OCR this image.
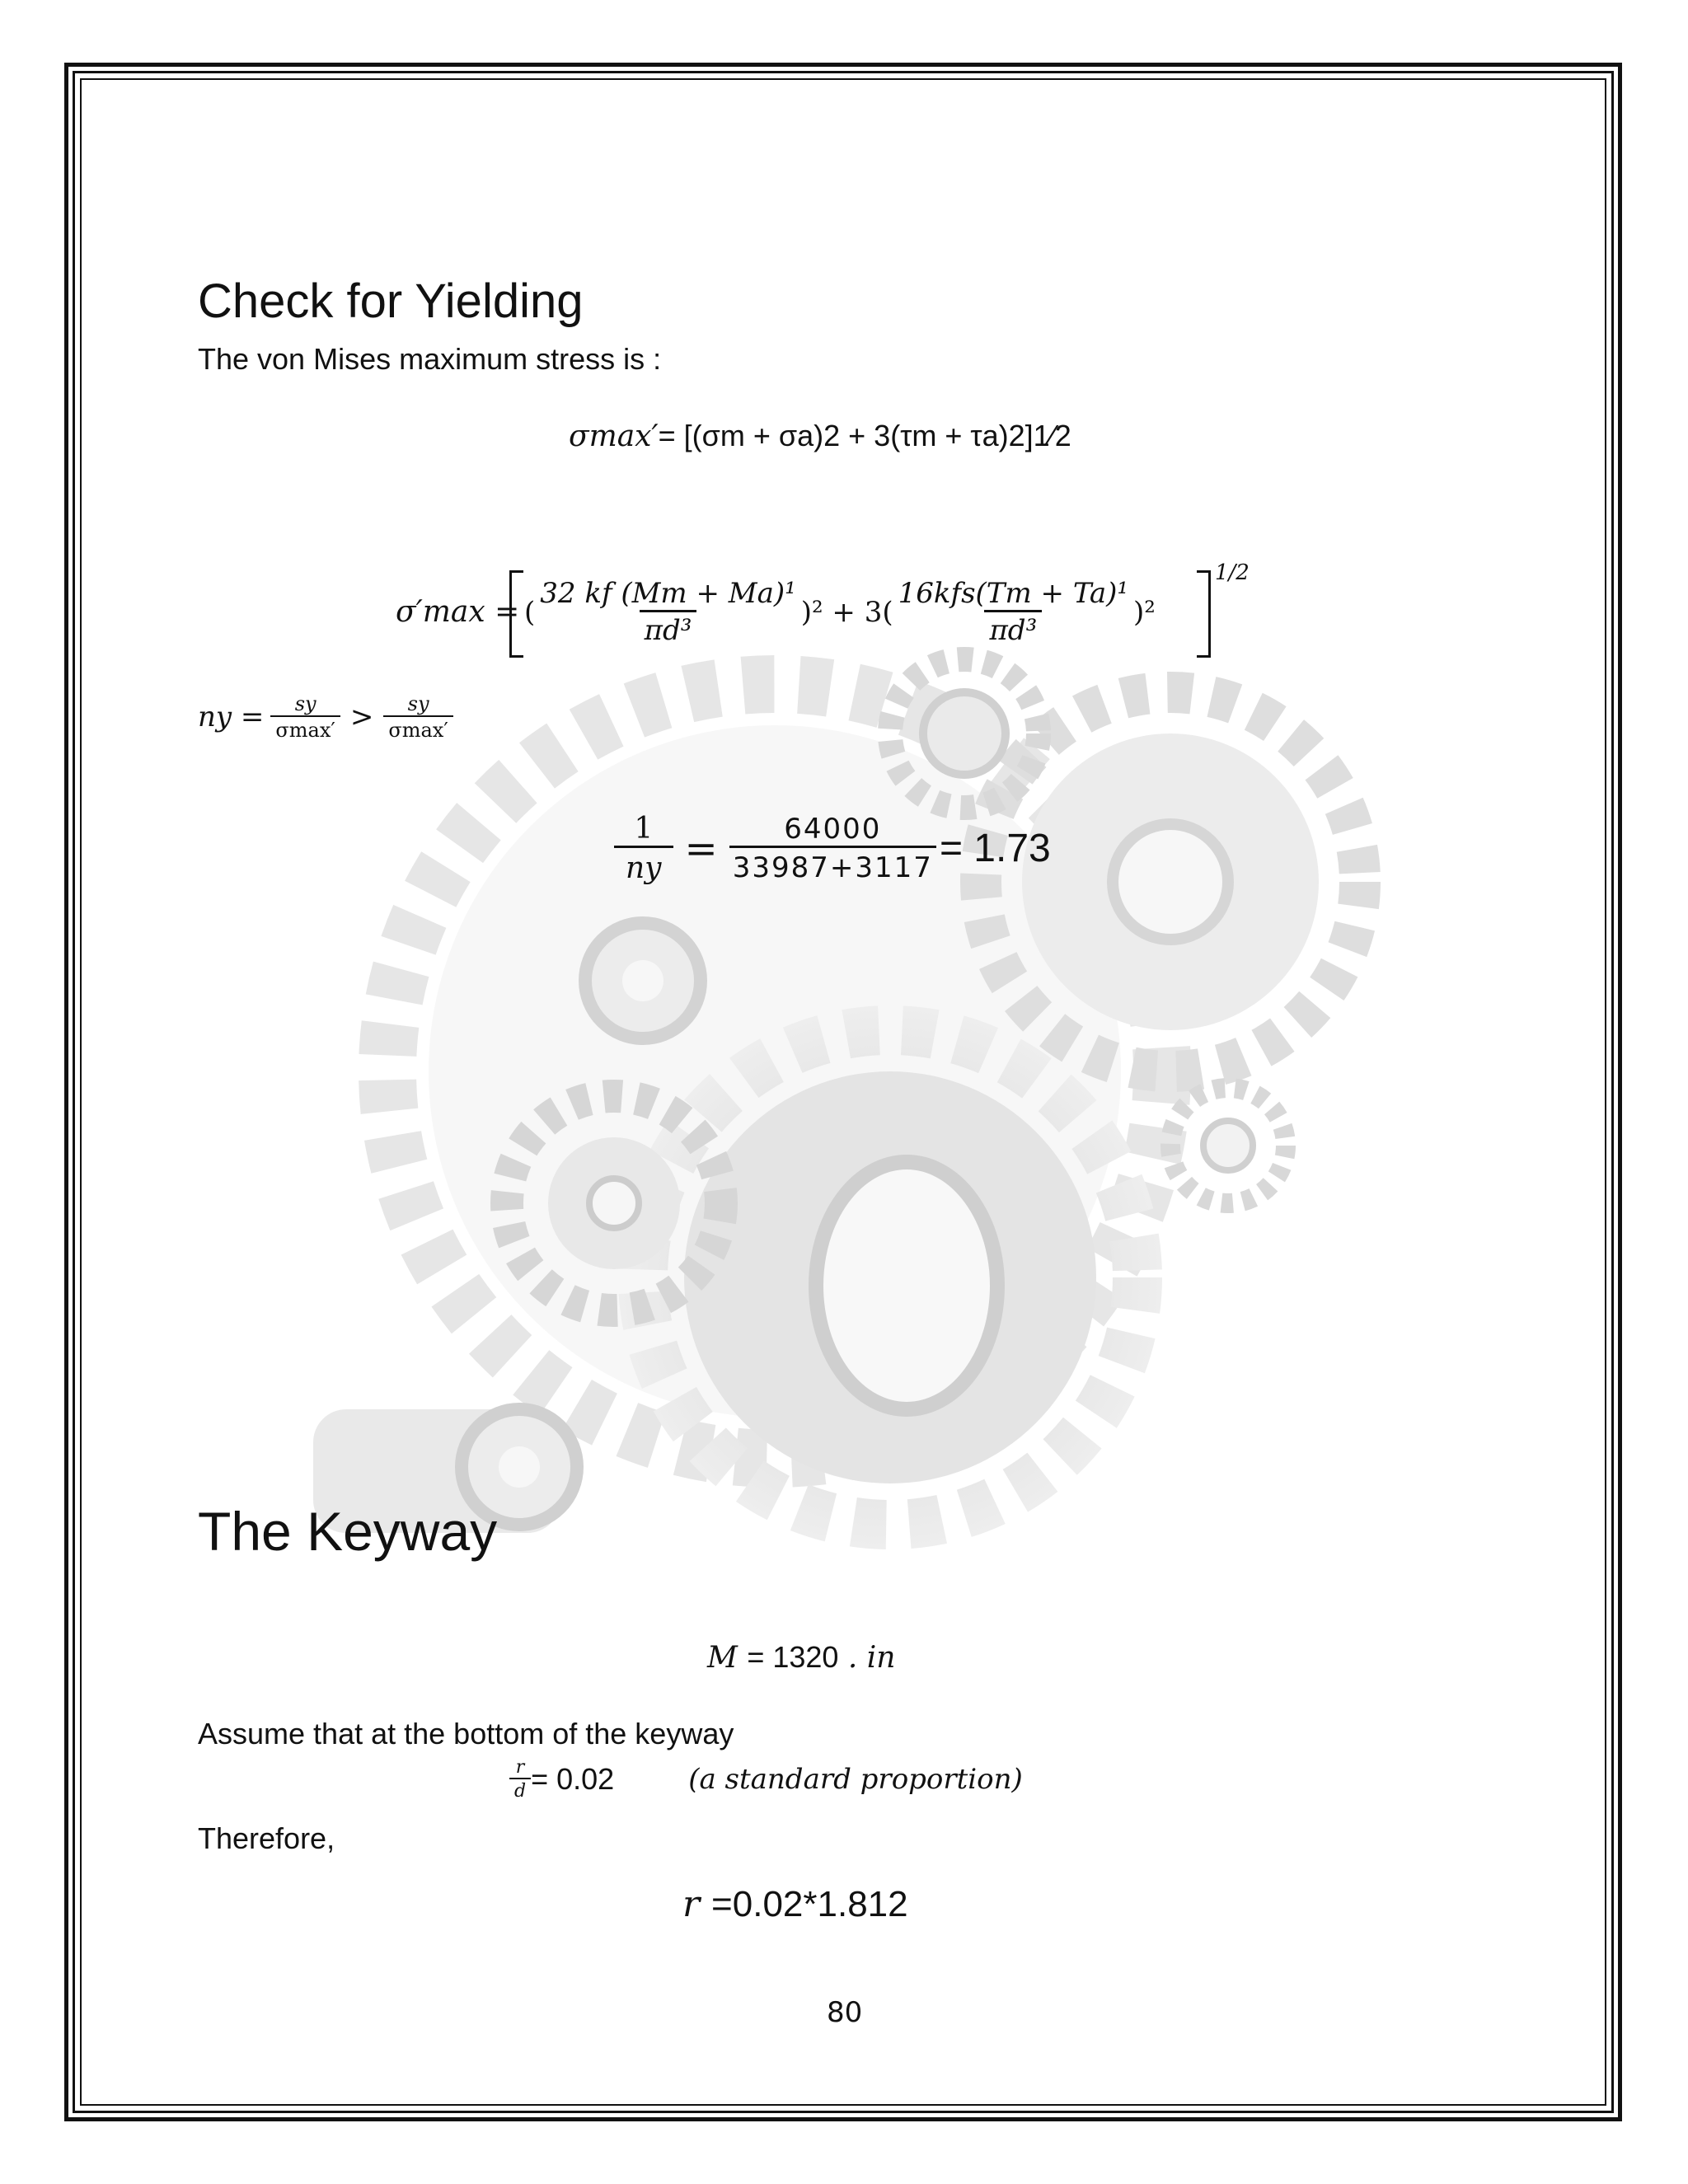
Check for Yielding
The von Mises maximum stress is :
σmax′= [(σm + σa)2 + 3(τm + τa)2]1⁄2
σ′max = ( $\frac{\text{32 kf (Mm + Ma)¹}}{\text{πd³}} )^2 + 3( \frac{\text{16kfs(Tm + Ta)¹}}{\text{πd³}} )^2$
1/2
ny = $\frac{sy}{\sigma\max'} > \frac{sy}{\sigma\max'}$
$\frac{1}{ny} = \frac{64000}{33987+3117} = 1.73$
The Keyway
M = 1320 . in
Assume that at the bottom of the keyway
$\frac{r}{d} = 0.02$	(a standard proportion)
Therefore,
r =0.02*1.812
80
